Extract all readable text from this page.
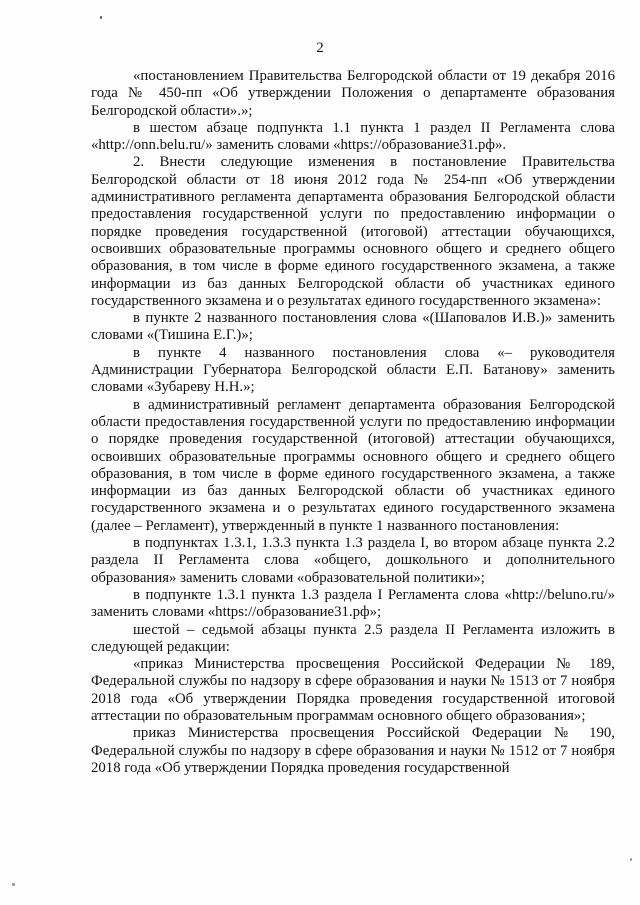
2

«постановлением Правительства Белгородской области от 19 декабря 2016 года № 450-пп «Об утверждении Положения о департаменте образования Белгородской области».»;

в шестом абзаце подпункта 1.1 пункта 1 раздел II Регламента слова «http://onn.belu.ru/» заменить словами «https://образование31.рф».

2. Внести следующие изменения в постановление Правительства Белгородской области от 18 июня 2012 года № 254-пп «Об утверждении административного регламента департамента образования Белгородской области предоставления государственной услуги по предоставлению информации о порядке проведения государственной (итоговой) аттестации обучающихся, освоивших образовательные программы основного общего и среднего общего образования, в том числе в форме единого государственного экзамена, а также информации из баз данных Белгородской области об участниках единого государственного экзамена и о результатах единого государственного экзамена»:

в пункте 2 названного постановления слова «(Шаповалов И.В.)» заменить словами «(Тишина Е.Г.)»;

в пункте 4 названного постановления слова «– руководителя Администрации Губернатора Белгородской области Е.П. Батанову» заменить словами «Зубареву Н.Н.»;

в административный регламент департамента образования Белгородской области предоставления государственной услуги по предоставлению информации о порядке проведения государственной (итоговой) аттестации обучающихся, освоивших образовательные программы основного общего и среднего общего образования, в том числе в форме единого государственного экзамена, а также информации из баз данных Белгородской области об участниках единого государственного экзамена и о результатах единого государственного экзамена (далее – Регламент), утвержденный в пункте 1 названного постановления:

в подпунктах 1.3.1, 1.3.3 пункта 1.3 раздела I, во втором абзаце пункта 2.2 раздела II Регламента слова «общего, дошкольного и дополнительного образования» заменить словами «образовательной политики»;

в подпункте 1.3.1 пункта 1.3 раздела I Регламента слова «http://beluno.ru/» заменить словами «https://образование31.рф»;

шестой – седьмой абзацы пункта 2.5 раздела II Регламента изложить в следующей редакции:

«приказ Министерства просвещения Российской Федерации № 189, Федеральной службы по надзору в сфере образования и науки № 1513 от 7 ноября 2018 года «Об утверждении Порядка проведения государственной итоговой аттестации по образовательным программам основного общего образования»;

приказ Министерства просвещения Российской Федерации № 190, Федеральной службы по надзору в сфере образования и науки № 1512 от 7 ноября 2018 года «Об утверждении Порядка проведения государственной
